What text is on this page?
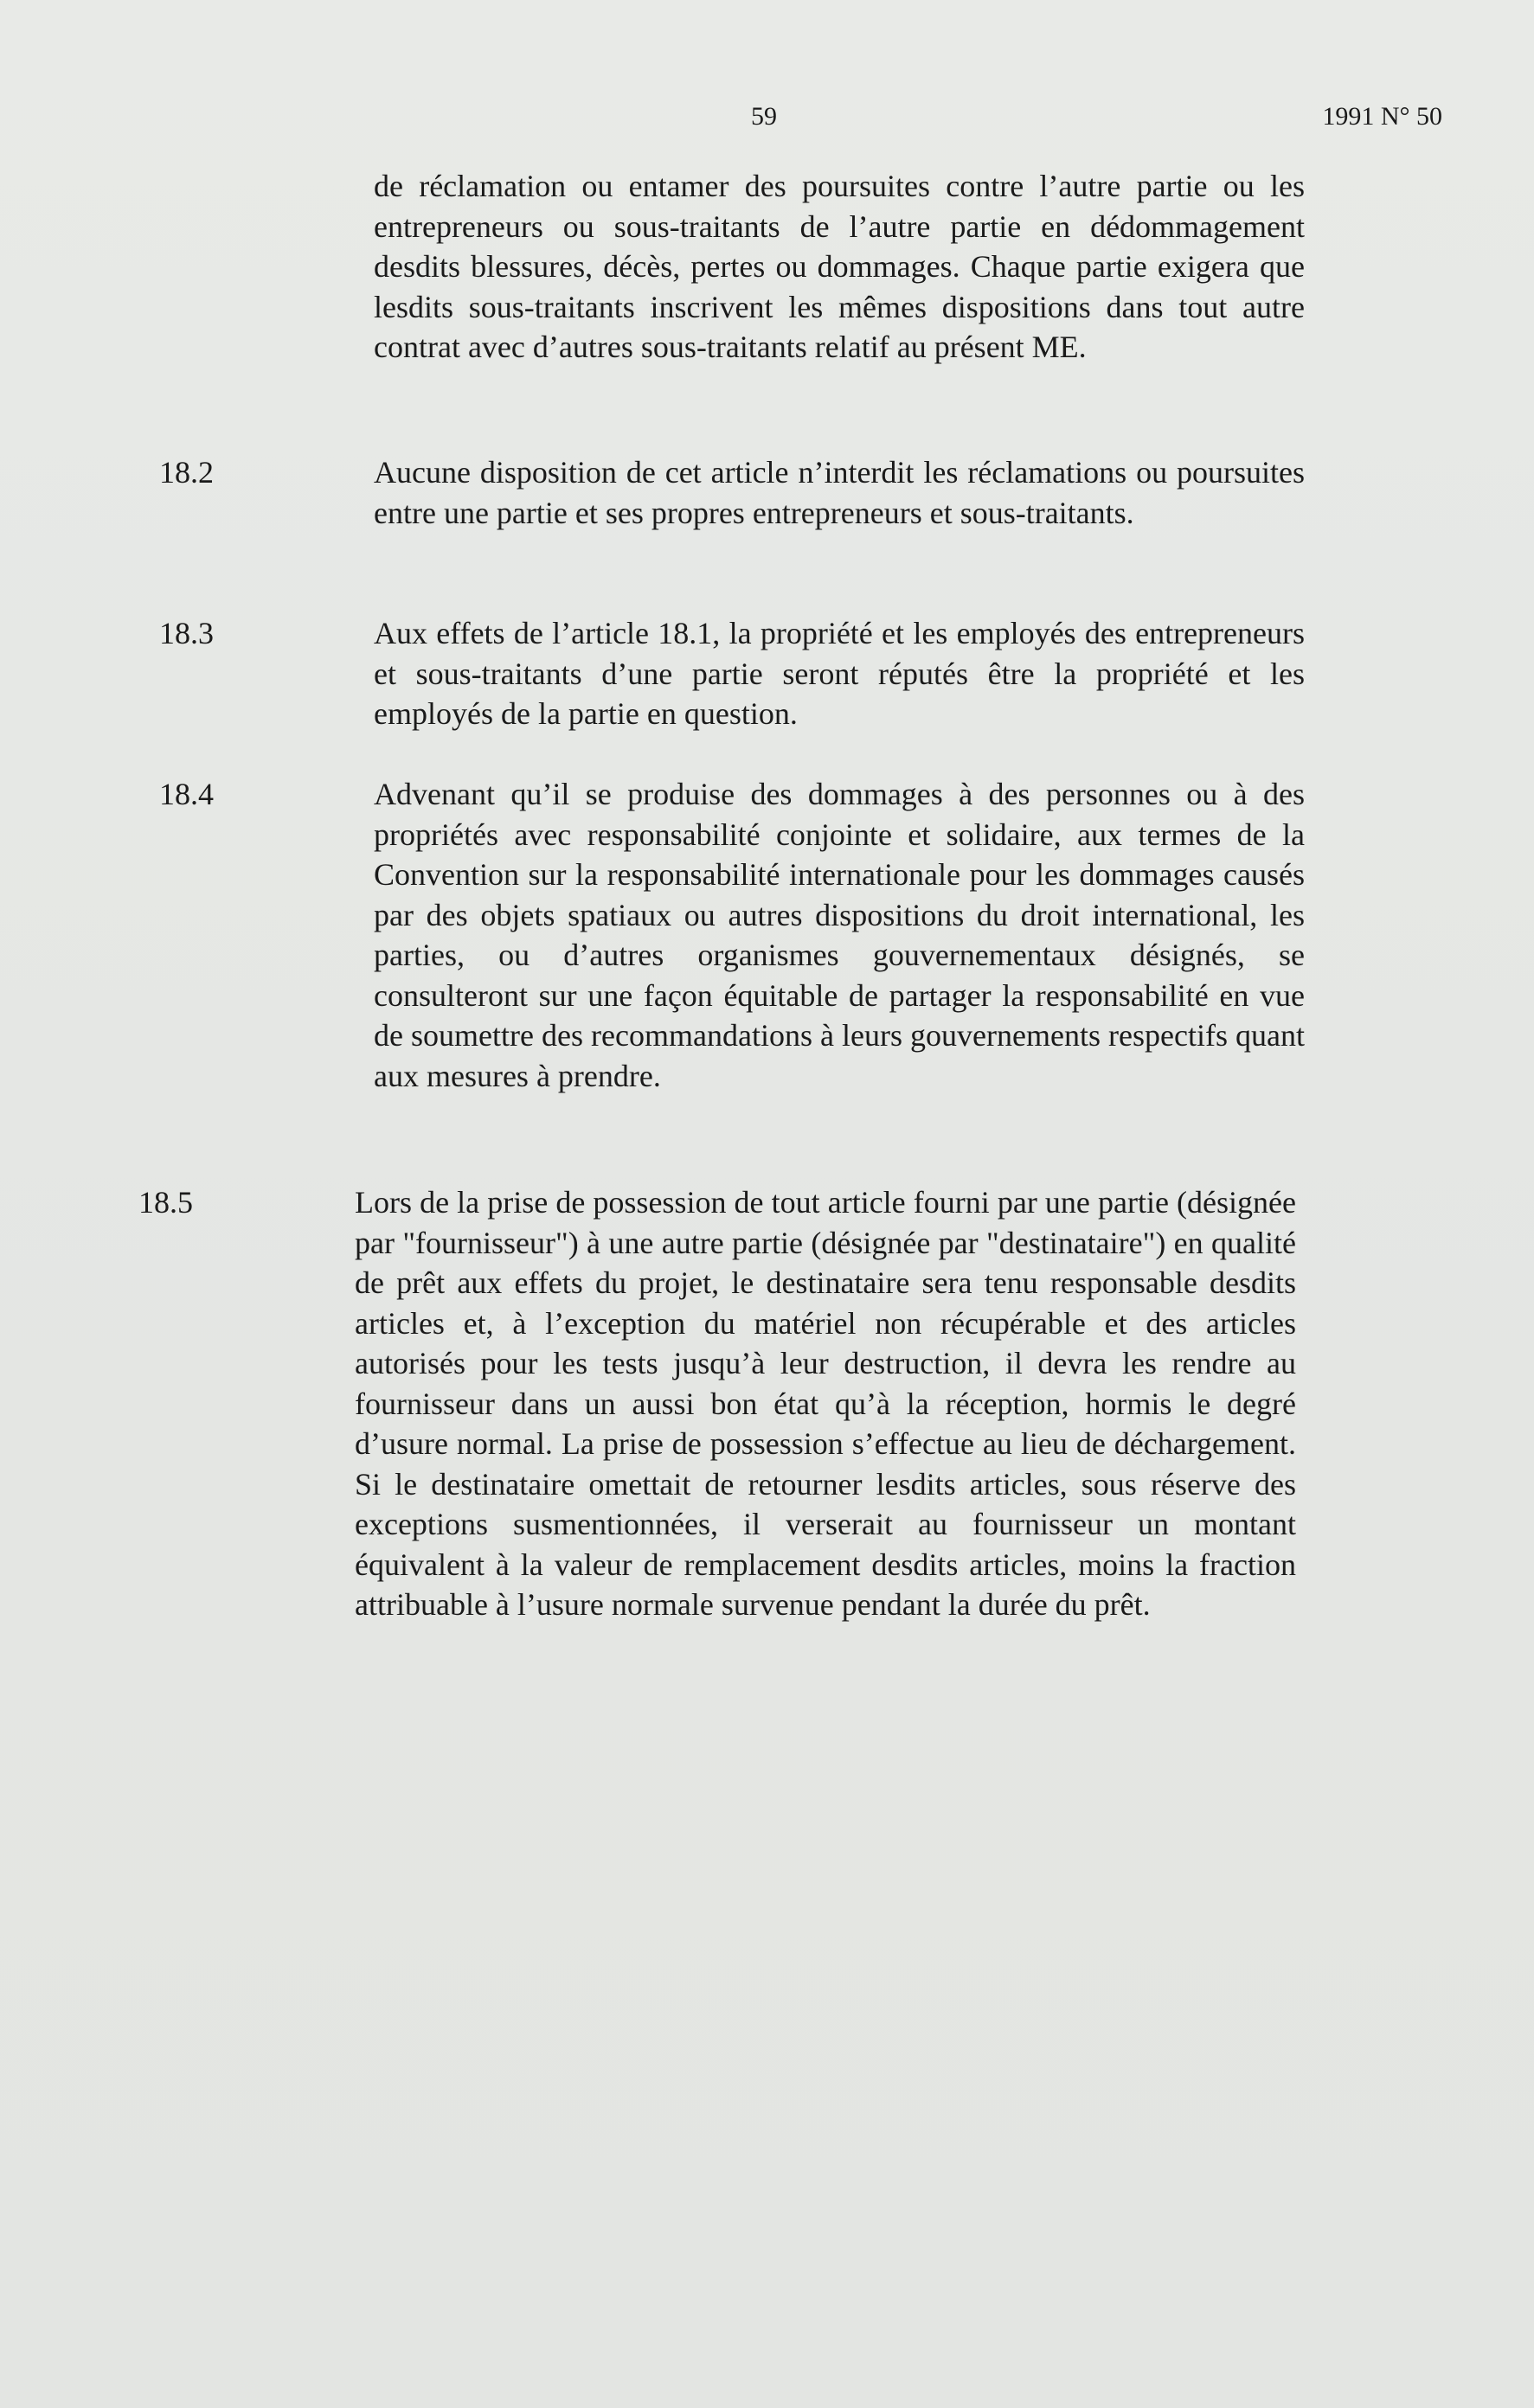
59	1991 N° 50

de réclamation ou entamer des poursuites contre l’autre partie ou les entrepreneurs ou sous-traitants de l’autre partie en dédommagement desdits blessures, décès, pertes ou dommages. Chaque partie exigera que lesdits sous-traitants inscrivent les mêmes dispositions dans tout autre contrat avec d’autres sous-traitants relatif au présent ME.

18.2	Aucune disposition de cet article n’interdit les réclamations ou poursuites entre une partie et ses propres entrepreneurs et sous-traitants.

18.3	Aux effets de l’article 18.1, la propriété et les employés des entrepreneurs et sous-traitants d’une partie seront réputés être la propriété et les employés de la partie en question.

18.4	Advenant qu’il se produise des dommages à des personnes ou à des propriétés avec responsabilité conjointe et solidaire, aux termes de la Convention sur la responsabilité internationale pour les dommages causés par des objets spatiaux ou autres dispositions du droit international, les parties, ou d’autres organismes gouvernementaux désignés, se consulteront sur une façon équitable de partager la responsabilité en vue de soumettre des recommandations à leurs gouvernements respectifs quant aux mesures à prendre.

18.5	Lors de la prise de possession de tout article fourni par une partie (désignée par "fournisseur") à une autre partie (désignée par "destinataire") en qualité de prêt aux effets du projet, le destinataire sera tenu responsable desdits articles et, à l’exception du matériel non récupérable et des articles autorisés pour les tests jusqu’à leur destruction, il devra les rendre au fournisseur dans un aussi bon état qu’à la réception, hormis le degré d’usure normal. La prise de possession s’effectue au lieu de déchargement. Si le destinataire omettait de retourner lesdits articles, sous réserve des exceptions susmentionnées, il verserait au fournisseur un montant équivalent à la valeur de remplacement desdits articles, moins la fraction attribuable à l’usure normale survenue pendant la durée du prêt.
